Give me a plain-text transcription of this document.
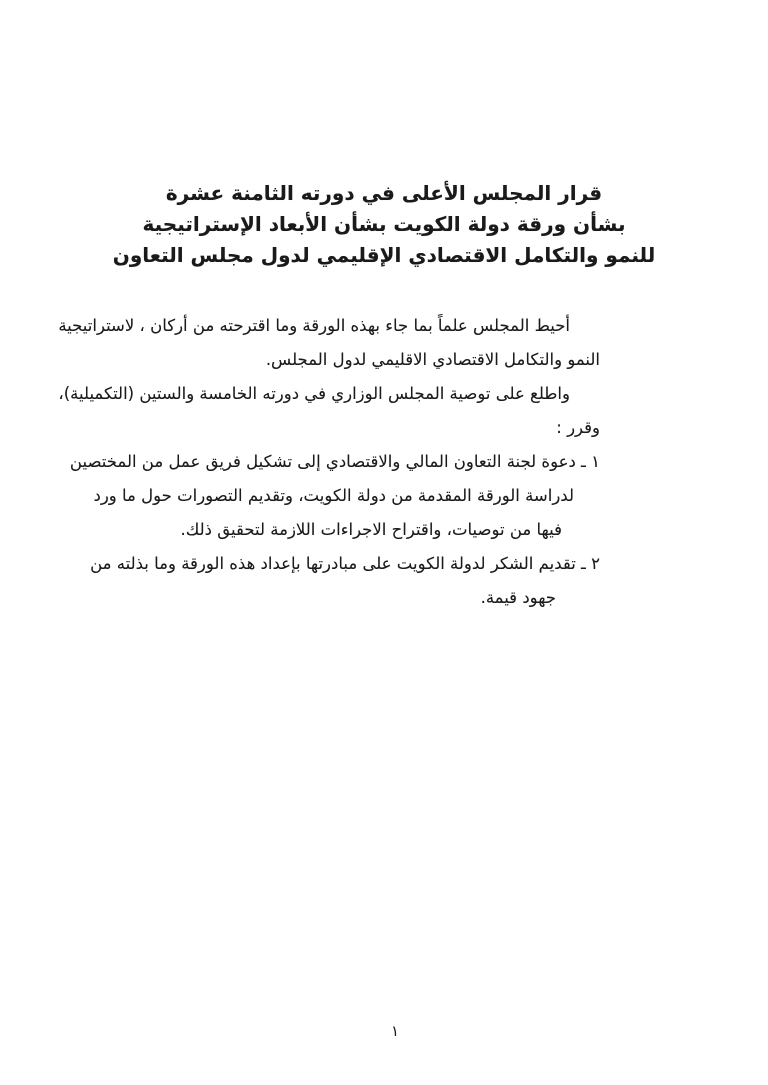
قرار المجلس الأعلى في دورته الثامنة عشرة
بشأن ورقة دولة الكويت بشأن الأبعاد الإستراتيجية
للنمو والتكامل الاقتصادي الإقليمي لدول مجلس التعاون
أحيط المجلس علماً بما جاء بهذه الورقة وما اقترحته من أركان ، لاستراتيجية
النمو والتكامل الاقتصادي الاقليمي لدول المجلس.
واطلع على توصية المجلس الوزاري في دورته الخامسة والستين (التكميلية)،
وقرر :
١ ـ دعوة لجنة التعاون المالي والاقتصادي إلى تشكيل فريق عمل من المختصين
لدراسة الورقة المقدمة من دولة الكويت، وتقديم التصورات حول ما ورد
فيها من توصيات، واقتراح الاجراءات اللازمة لتحقيق ذلك.
٢ ـ تقديم الشكر لدولة الكويت على مبادرتها بإعداد هذه الورقة وما بذلته من
جهود قيمة.
١
